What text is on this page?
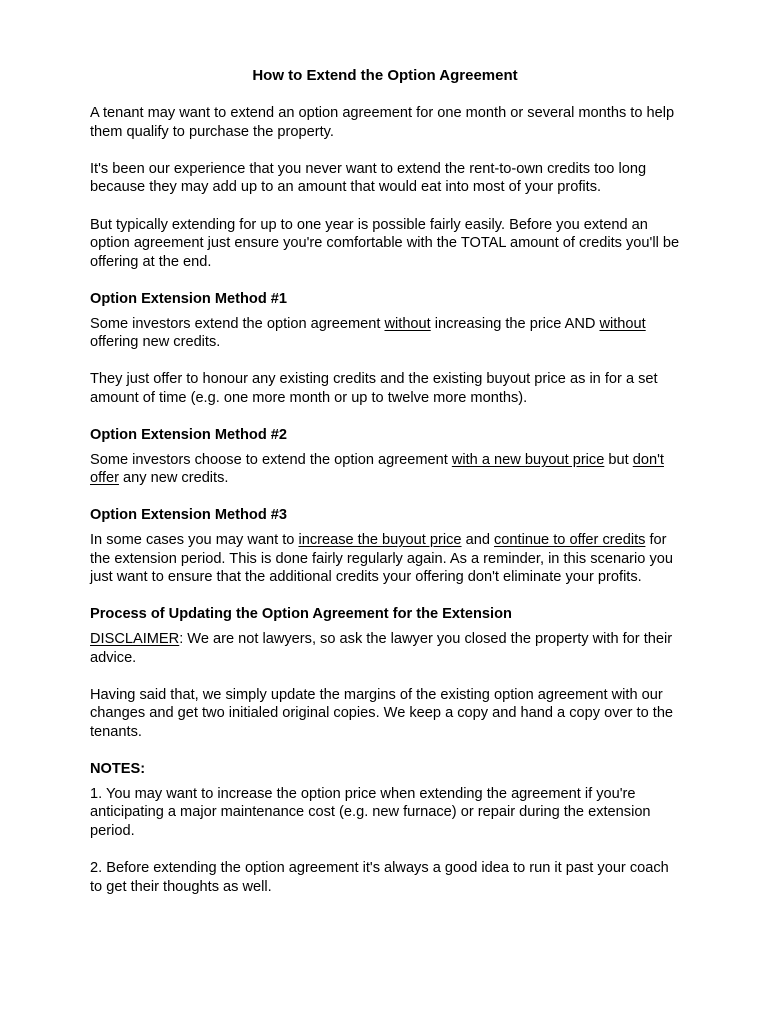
How to Extend the Option Agreement

A tenant may want to extend an option agreement for one month or several months to help them qualify to purchase the property.

It's been our experience that you never want to extend the rent-to-own credits too long because they may add up to an amount that would eat into most of your profits.

But typically extending for up to one year is possible fairly easily. Before you extend an option agreement just ensure you're comfortable with the TOTAL amount of credits you'll be offering at the end.

Option Extension Method #1

Some investors extend the option agreement without increasing the price AND without offering new credits.

They just offer to honour any existing credits and the existing buyout price as in for a set amount of time (e.g. one more month or up to twelve more months).

Option Extension Method #2

Some investors choose to extend the option agreement with a new buyout price but don't offer any new credits.

Option Extension Method #3

In some cases you may want to increase the buyout price and continue to offer credits for the extension period. This is done fairly regularly again. As a reminder, in this scenario you just want to ensure that the additional credits your offering don't eliminate your profits.

Process of Updating the Option Agreement for the Extension

DISCLAIMER: We are not lawyers, so ask the lawyer you closed the property with for their advice.

Having said that, we simply update the margins of the existing option agreement with our changes and get two initialed original copies. We keep a copy and hand a copy over to the tenants.

NOTES:

1. You may want to increase the option price when extending the agreement if you're anticipating a major maintenance cost (e.g. new furnace) or repair during the extension period.

2. Before extending the option agreement it's always a good idea to run it past your coach to get their thoughts as well.
